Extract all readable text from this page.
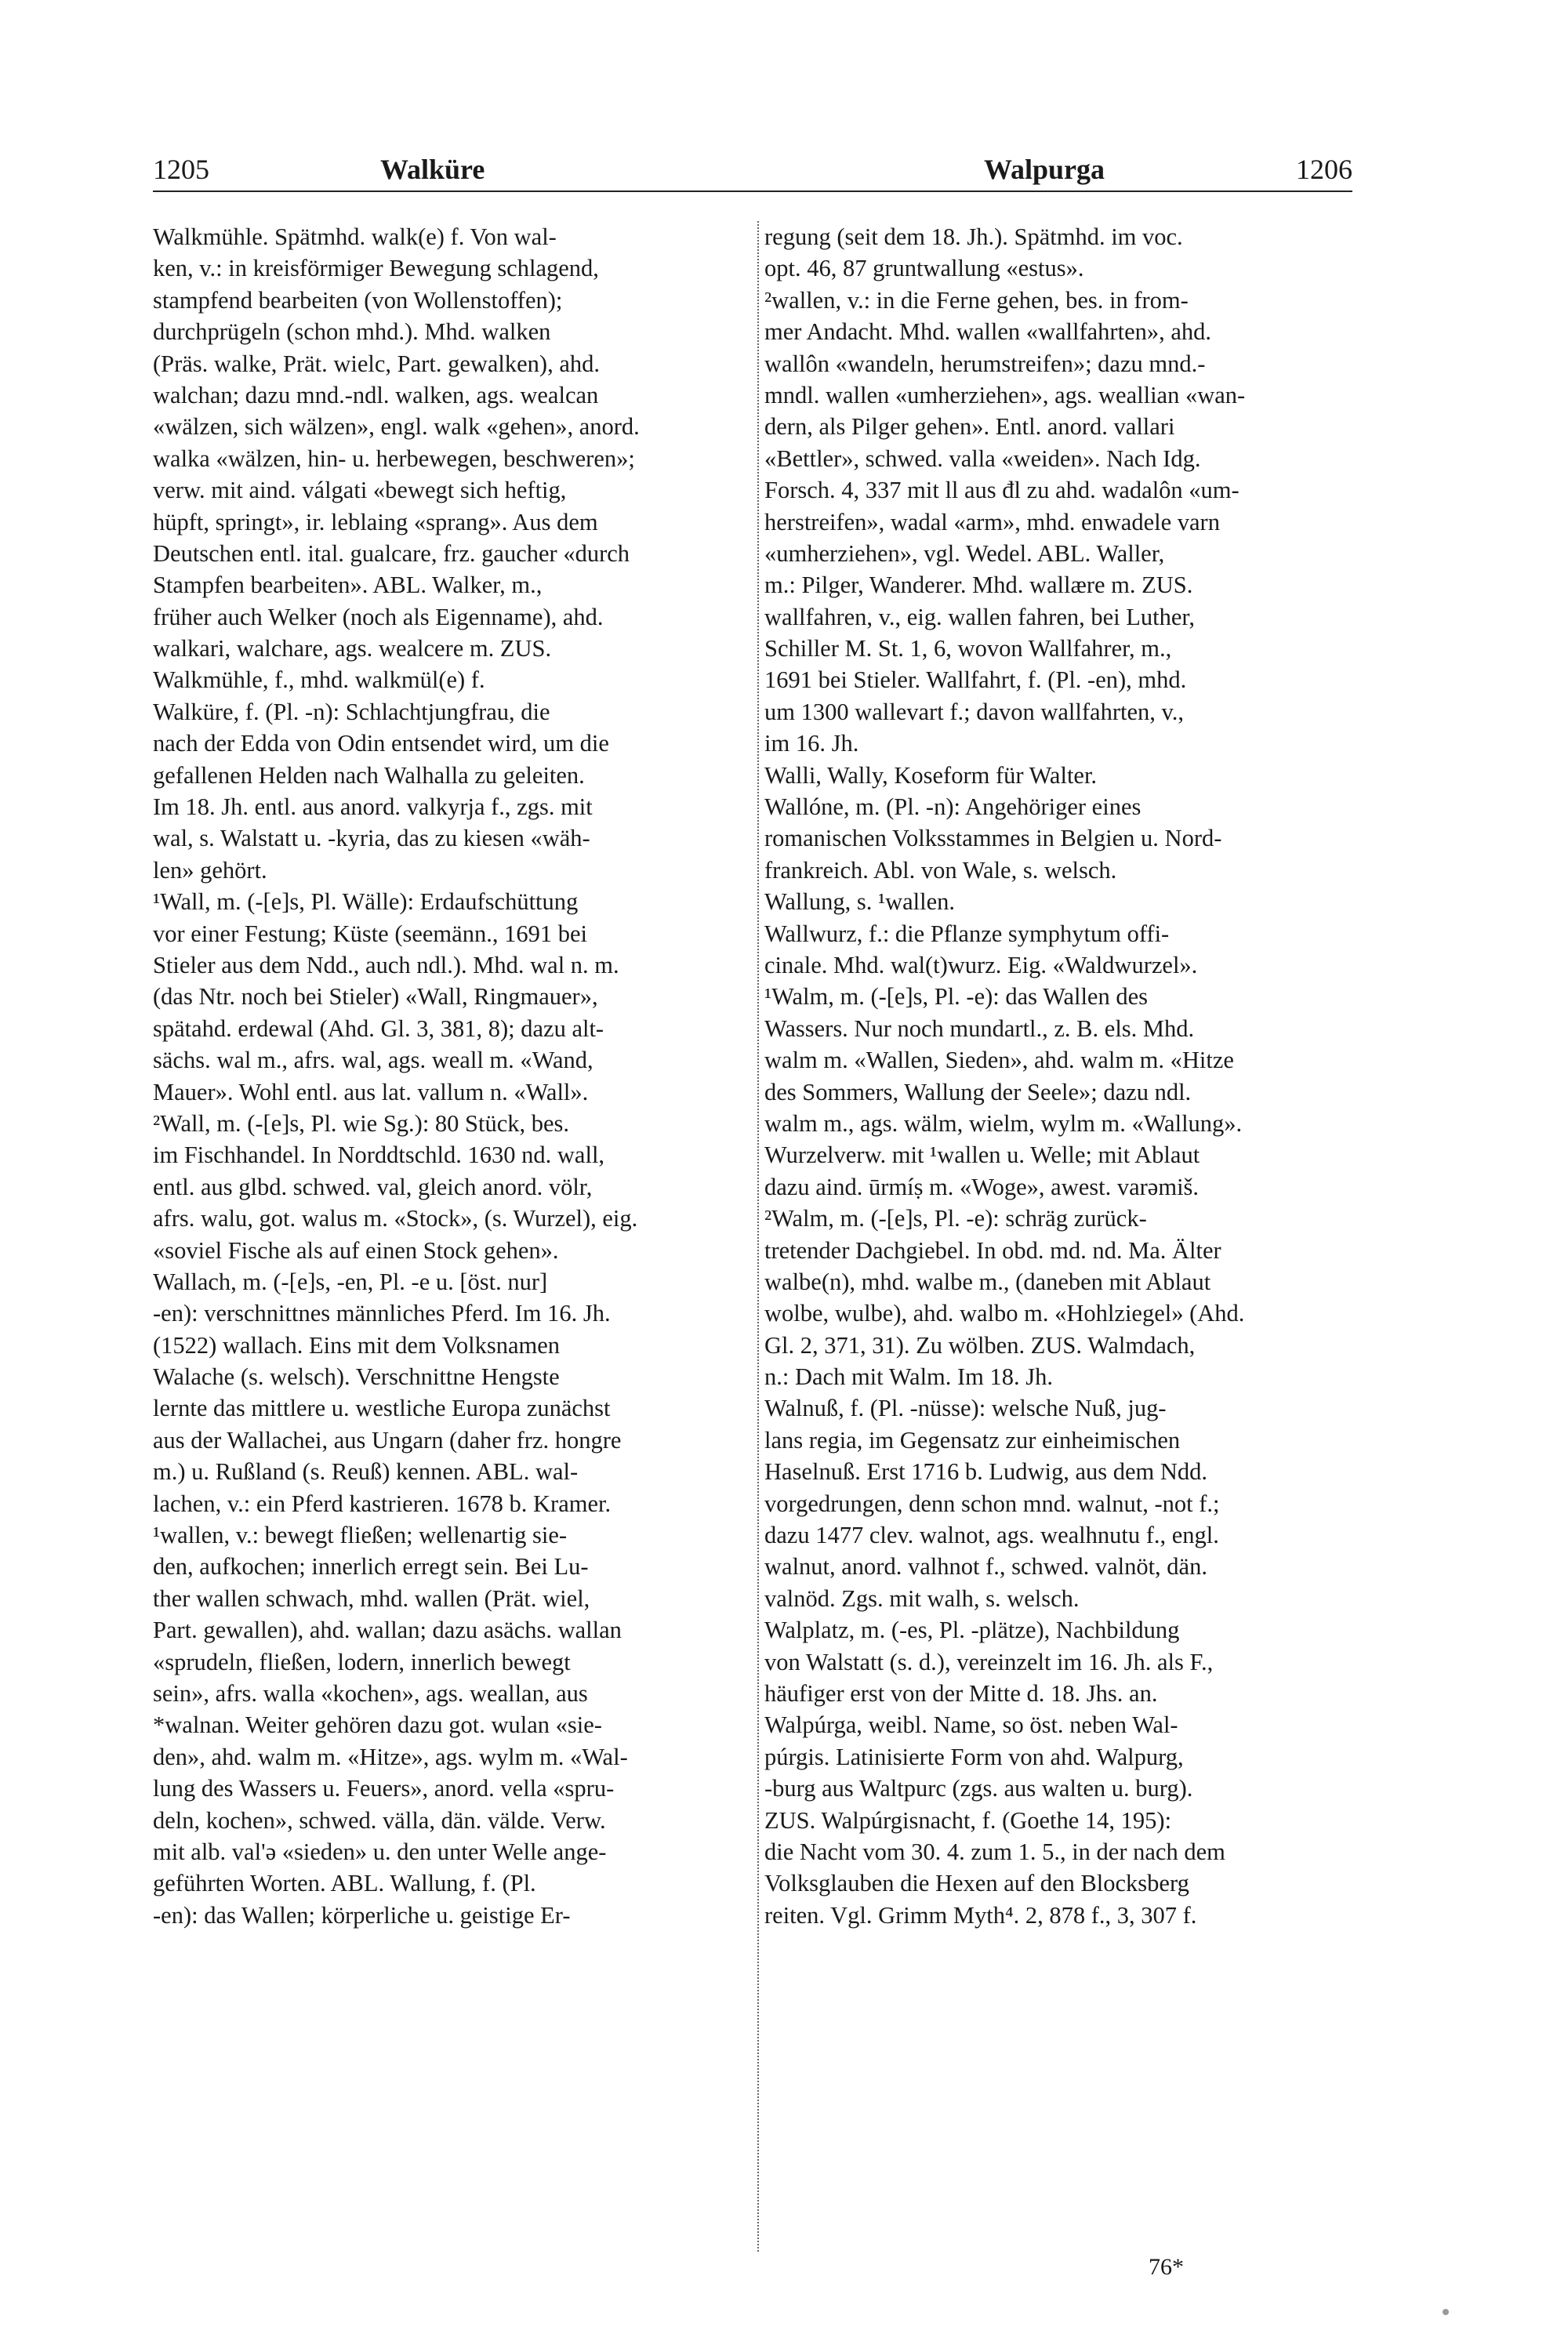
1205	Walküre	Walpurga	1206
Walkmühle. Spätmhd. walk(e) f. Von wal-
ken, v.: in kreisförmiger Bewegung schlagend,
stampfend bearbeiten (von Wollenstoffen);
durchprügeln (schon mhd.). Mhd. walken
(Präs. walke, Prät. wielc, Part. gewalken), ahd.
walchan; dazu mnd.-ndl. walken, ags. wealcan
«wälzen, sich wälzen», engl. walk «gehen», anord.
walka «wälzen, hin- u. herbewegen, beschweren»;
verw. mit aind. válgati «bewegt sich heftig,
hüpft, springt», ir. leblaing «sprang». Aus dem
Deutschen entl. ital. gualcare, frz. gaucher «durch
Stampfen bearbeiten». ABL. Walker, m.,
früher auch Welker (noch als Eigenname), ahd.
walkari, walchare, ags. wealcere m. ZUS.
Walkmühle, f., mhd. walkmül(e) f.
Walküre, f. (Pl. -n): Schlachtjungfrau, die
nach der Edda von Odin entsendet wird, um die
gefallenen Helden nach Walhalla zu geleiten.
Im 18. Jh. entl. aus anord. valkyrja f., zgs. mit
wal, s. Walstatt u. -kyria, das zu kiesen «wäh-
len» gehört.
¹Wall, m. (-[e]s, Pl. Wälle): Erdaufschüttung
vor einer Festung; Küste (seemänn., 1691 bei
Stieler aus dem Ndd., auch ndl.). Mhd. wal n. m.
(das Ntr. noch bei Stieler) «Wall, Ringmauer»,
spätahd. erdewal (Ahd. Gl. 3, 381, 8); dazu alt-
sächs. wal m., afrs. wal, ags. weall m. «Wand,
Mauer». Wohl entl. aus lat. vallum n. «Wall».
²Wall, m. (-[e]s, Pl. wie Sg.): 80 Stück, bes.
im Fischhandel. In Norddtschld. 1630 nd. wall,
entl. aus glbd. schwed. val, gleich anord. völr,
afrs. walu, got. walus m. «Stock», (s. Wurzel), eig.
«soviel Fische als auf einen Stock gehen».
Wallach, m. (-[e]s, -en, Pl. -e u. [öst. nur]
-en): verschnittnes männliches Pferd. Im 16. Jh.
(1522) wallach. Eins mit dem Volksnamen
Walache (s. welsch). Verschnittne Hengste
lernte das mittlere u. westliche Europa zunächst
aus der Wallachei, aus Ungarn (daher frz. hongre
m.) u. Rußland (s. Reuß) kennen. ABL. wal-
lachen, v.: ein Pferd kastrieren. 1678 b. Kramer.
¹wallen, v.: bewegt fließen; wellenartig sie-
den, aufkochen; innerlich erregt sein. Bei Lu-
ther wallen schwach, mhd. wallen (Prät. wiel,
Part. gewallen), ahd. wallan; dazu asächs. wallan
«sprudeln, fließen, lodern, innerlich bewegt
sein», afrs. walla «kochen», ags. weallan, aus
*walnan. Weiter gehören dazu got. wulan «sie-
den», ahd. walm m. «Hitze», ags. wylm m. «Wal-
lung des Wassers u. Feuers», anord. vella «spru-
deln, kochen», schwed. välla, dän. välde. Verw.
mit alb. val'ə «sieden» u. den unter Welle ange-
geführten Worten. ABL. Wallung, f. (Pl.
-en): das Wallen; körperliche u. geistige Er-
regung (seit dem 18. Jh.). Spätmhd. im voc.
opt. 46, 87 gruntwallung «estus».
²wallen, v.: in die Ferne gehen, bes. in from-
mer Andacht. Mhd. wallen «wallfahrten», ahd.
wallôn «wandeln, herumstreifen»; dazu mnd.-
mndl. wallen «umherziehen», ags. weallian «wan-
dern, als Pilger gehen». Entl. anord. vallari
«Bettler», schwed. valla «weiden». Nach Idg.
Forsch. 4, 337 mit ll aus đl zu ahd. wadalôn «um-
herstreifen», wadal «arm», mhd. enwadele varn
«umherziehen», vgl. Wedel. ABL. Waller,
m.: Pilger, Wanderer. Mhd. wallære m. ZUS.
wallfahren, v., eig. wallen fahren, bei Luther,
Schiller M. St. 1, 6, wovon Wallfahrer, m.,
1691 bei Stieler. Wallfahrt, f. (Pl. -en), mhd.
um 1300 wallevart f.; davon wallfahrten, v.,
im 16. Jh.
Walli, Wally, Koseform für Walter.
Wallóne, m. (Pl. -n): Angehöriger eines
romanischen Volksstammes in Belgien u. Nord-
frankreich. Abl. von Wale, s. welsch.
Wallung, s. ¹wallen.
Wallwurz, f.: die Pflanze symphytum offi-
cinale. Mhd. wal(t)wurz. Eig. «Waldwurzel».
¹Walm, m. (-[e]s, Pl. -e): das Wallen des
Wassers. Nur noch mundartl., z. B. els. Mhd.
walm m. «Wallen, Sieden», ahd. walm m. «Hitze
des Sommers, Wallung der Seele»; dazu ndl.
walm m., ags. wälm, wielm, wylm m. «Wallung».
Wurzelverw. mit ¹wallen u. Welle; mit Ablaut
dazu aind. ūrmíṣ m. «Woge», awest. varəmiš.
²Walm, m. (-[e]s, Pl. -e): schräg zurück-
tretender Dachgiebel. In obd. md. nd. Ma. Älter
walbe(n), mhd. walbe m., (daneben mit Ablaut
wolbe, wulbe), ahd. walbo m. «Hohlziegel» (Ahd.
Gl. 2, 371, 31). Zu wölben. ZUS. Walmdach,
n.: Dach mit Walm. Im 18. Jh.
Walnuß, f. (Pl. -nüsse): welsche Nuß, jug-
lans regia, im Gegensatz zur einheimischen
Haselnuß. Erst 1716 b. Ludwig, aus dem Ndd.
vorgedrungen, denn schon mnd. walnut, -not f.;
dazu 1477 clev. walnot, ags. wealhnutu f., engl.
walnut, anord. valhnot f., schwed. valnöt, dän.
valnöd. Zgs. mit walh, s. welsch.
Walplatz, m. (-es, Pl. -plätze), Nachbildung
von Walstatt (s. d.), vereinzelt im 16. Jh. als F.,
häufiger erst von der Mitte d. 18. Jhs. an.
Walpúrga, weibl. Name, so öst. neben Wal-
púrgis. Latinisierte Form von ahd. Walpurg,
-burg aus Waltpurc (zgs. aus walten u. burg).
ZUS. Walpúrgisnacht, f. (Goethe 14, 195):
die Nacht vom 30. 4. zum 1. 5., in der nach dem
Volksglauben die Hexen auf den Blocksberg
reiten. Vgl. Grimm Myth⁴. 2, 878 f., 3, 307 f.
76*
